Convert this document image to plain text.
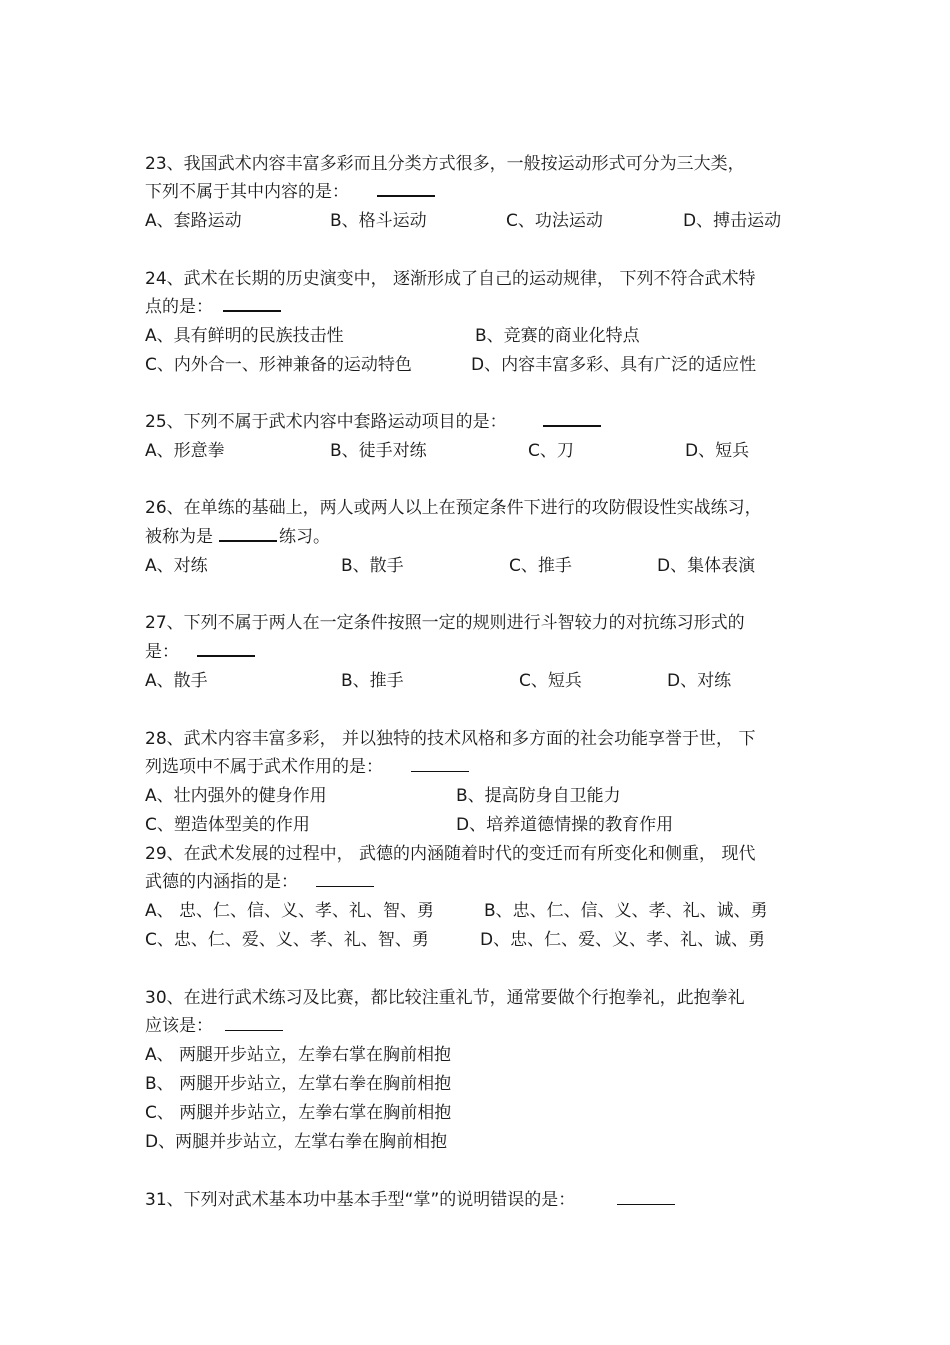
23、我国武术内容丰富多彩而且分类方式很多，一般按运动形式可分为三大类，
下列不属于其中内容的是：
A、套路运动	B、格斗运动	C、功法运动	D、搏击运动
24、武术在长期的历史演变中， 逐渐形成了自己的运动规律， 下列不符合武术特
点的是：
A、具有鲜明的民族技击性	B、竞赛的商业化特点
C、内外合一、形神兼备的运动特色	D、内容丰富多彩、具有广泛的适应性
25、下列不属于武术内容中套路运动项目的是：
A、形意拳	B、徒手对练	C、刀	D、短兵
26、在单练的基础上，两人或两人以上在预定条件下进行的攻防假设性实战练习，
被称为是	练习。
A、对练	B、散手	C、推手	D、集体表演
27、下列不属于两人在一定条件按照一定的规则进行斗智较力的对抗练习形式的
是：
A、散手	B、推手	C、短兵	D、对练
28、武术内容丰富多彩， 并以独特的技术风格和多方面的社会功能享誉于世， 下
列选项中不属于武术作用的是：
A、壮内强外的健身作用	B、提高防身自卫能力
C、塑造体型美的作用	D、培养道德情操的教育作用
29、在武术发展的过程中， 武德的内涵随着时代的变迁而有所变化和侧重， 现代
武德的内涵指的是：
A、 忠、仁、信、义、孝、礼、智、勇	B、忠、仁、信、义、孝、礼、诚、勇
C、忠、仁、爱、义、孝、礼、智、勇	D、忠、仁、爱、义、孝、礼、诚、勇
30、在进行武术练习及比赛，都比较注重礼节，通常要做个行抱拳礼，此抱拳礼
应该是：
A、 两腿开步站立，左拳右掌在胸前相抱
B、 两腿开步站立，左掌右拳在胸前相抱
C、 两腿并步站立，左拳右掌在胸前相抱
D、两腿并步站立，左掌右拳在胸前相抱
31、下列对武术基本功中基本手型“掌”的说明错误的是：
